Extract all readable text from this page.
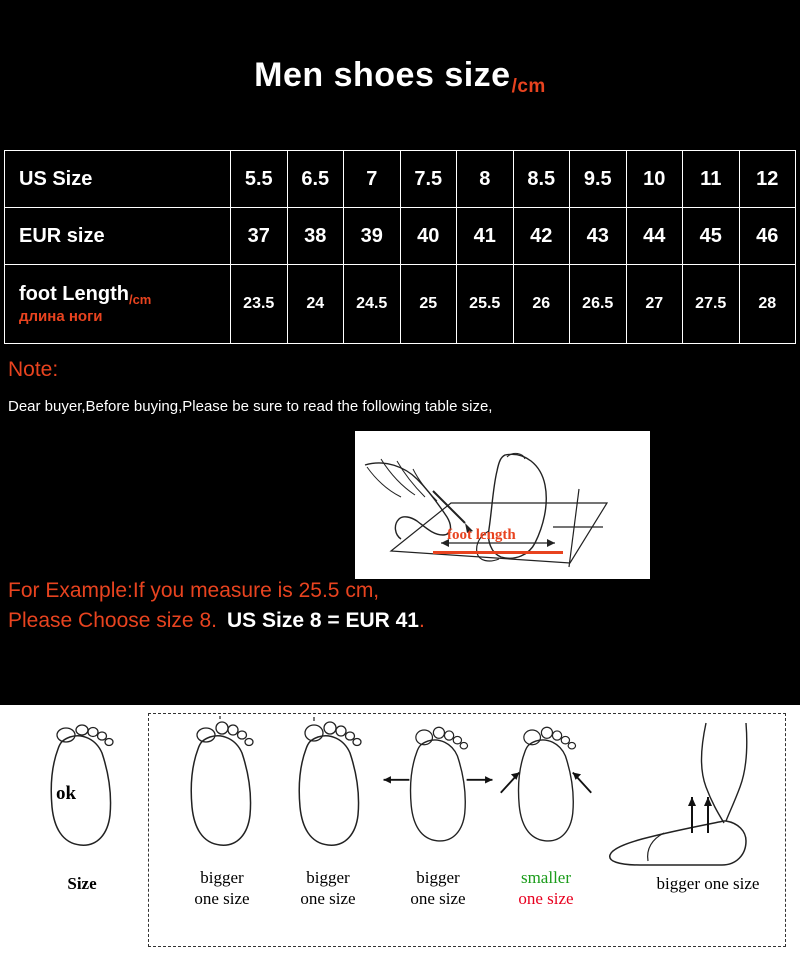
Men shoes size/cm
US Size	5.5	6.5	7	7.5	8	8.5	9.5	10	11	12
EUR size	37	38	39	40	41	42	43	44	45	46
foot Length$_{/cm}$
длина ноги	23.5	24	24.5	25	25.5	26	26.5	27	27.5	28
Note:
Dear buyer,Before buying,Please be sure to read the following table size,
foot length
For Example:If you measure is 25.5 cm,
Please Choose size 8. US Size 8 = EUR 41.
ok
Size	bigger
one size
bigger
one size
bigger
one size
smaller
one size
bigger one size
